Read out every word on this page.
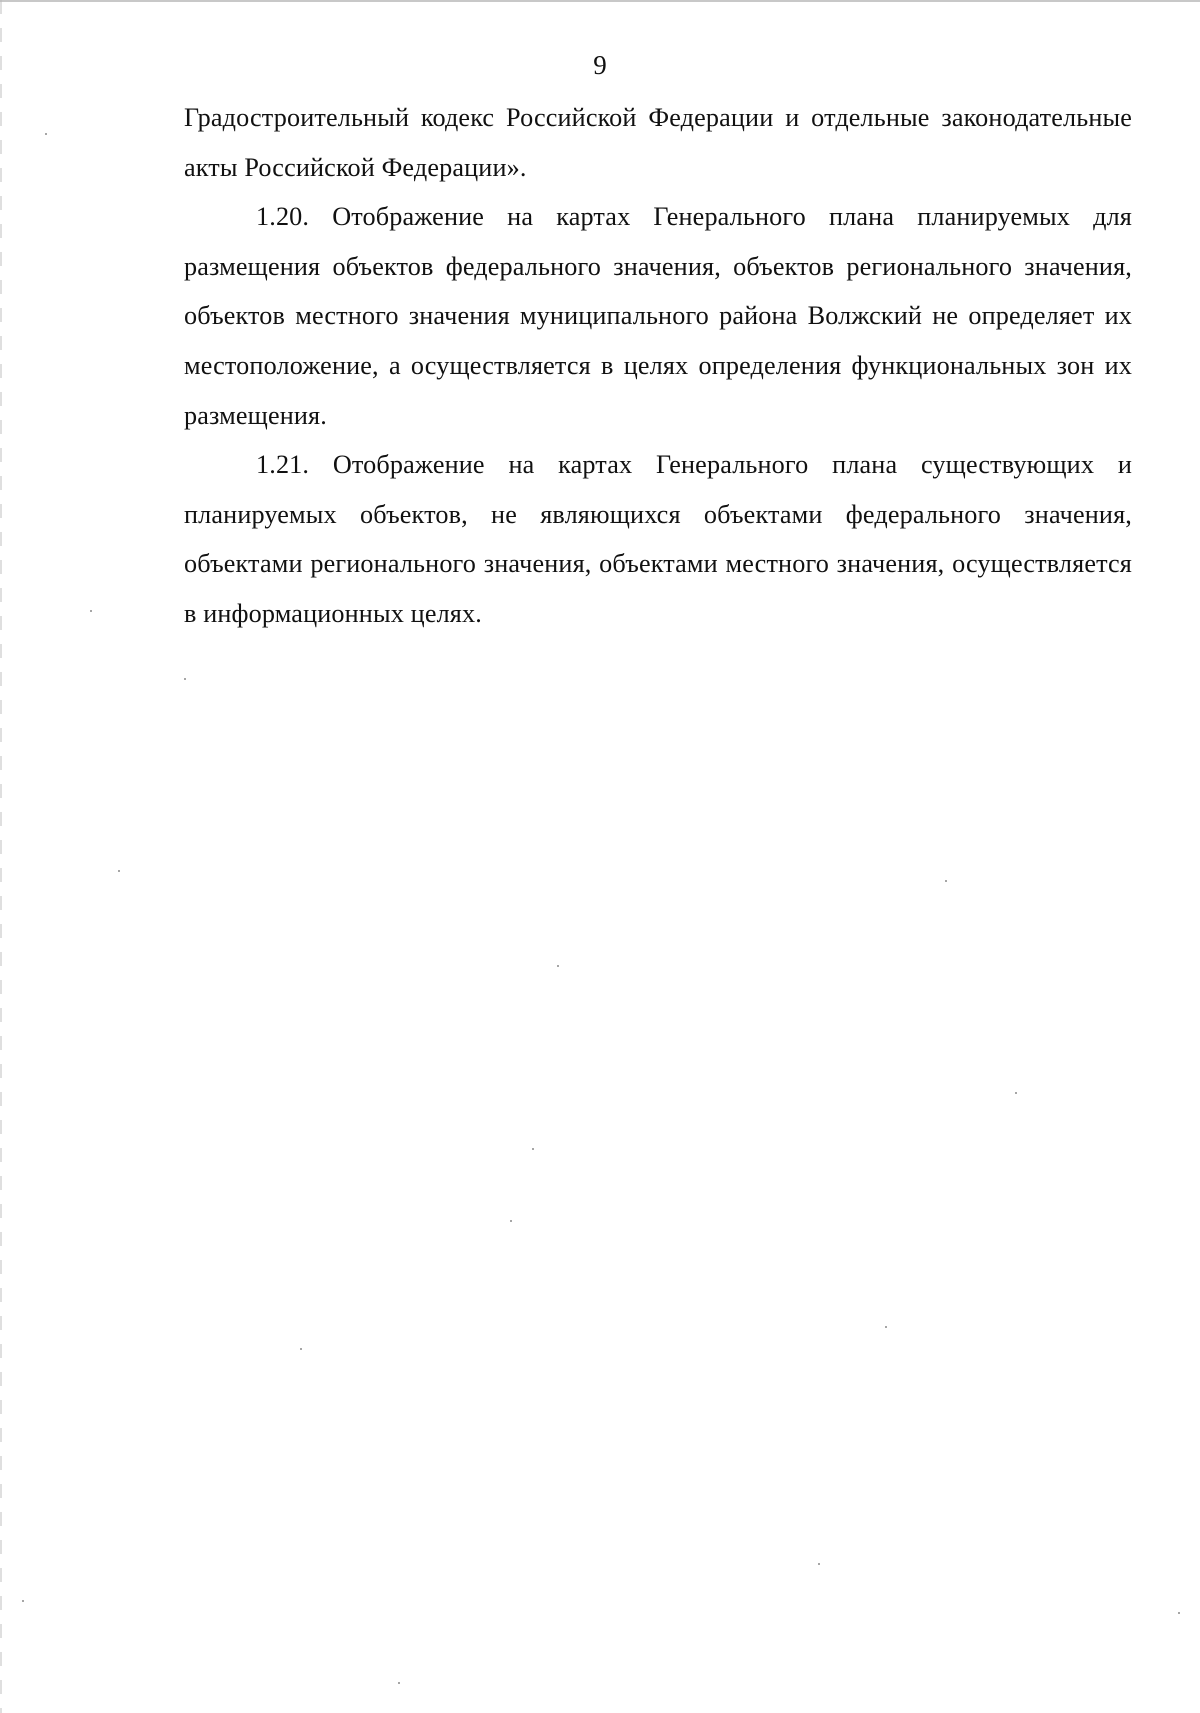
9

Градостроительный кодекс Российской Федерации и отдельные законодательные акты Российской Федерации».

1.20. Отображение на картах Генерального плана планируемых для размещения объектов федерального значения, объектов регионального значения, объектов местного значения муниципального района Волжский не определяет их местоположение, а осуществляется в целях определения функциональных зон их размещения.

1.21. Отображение на картах Генерального плана существующих и планируемых объектов, не являющихся объектами федерального значения, объектами регионального значения, объектами местного значения, осуществляется в информационных целях.
